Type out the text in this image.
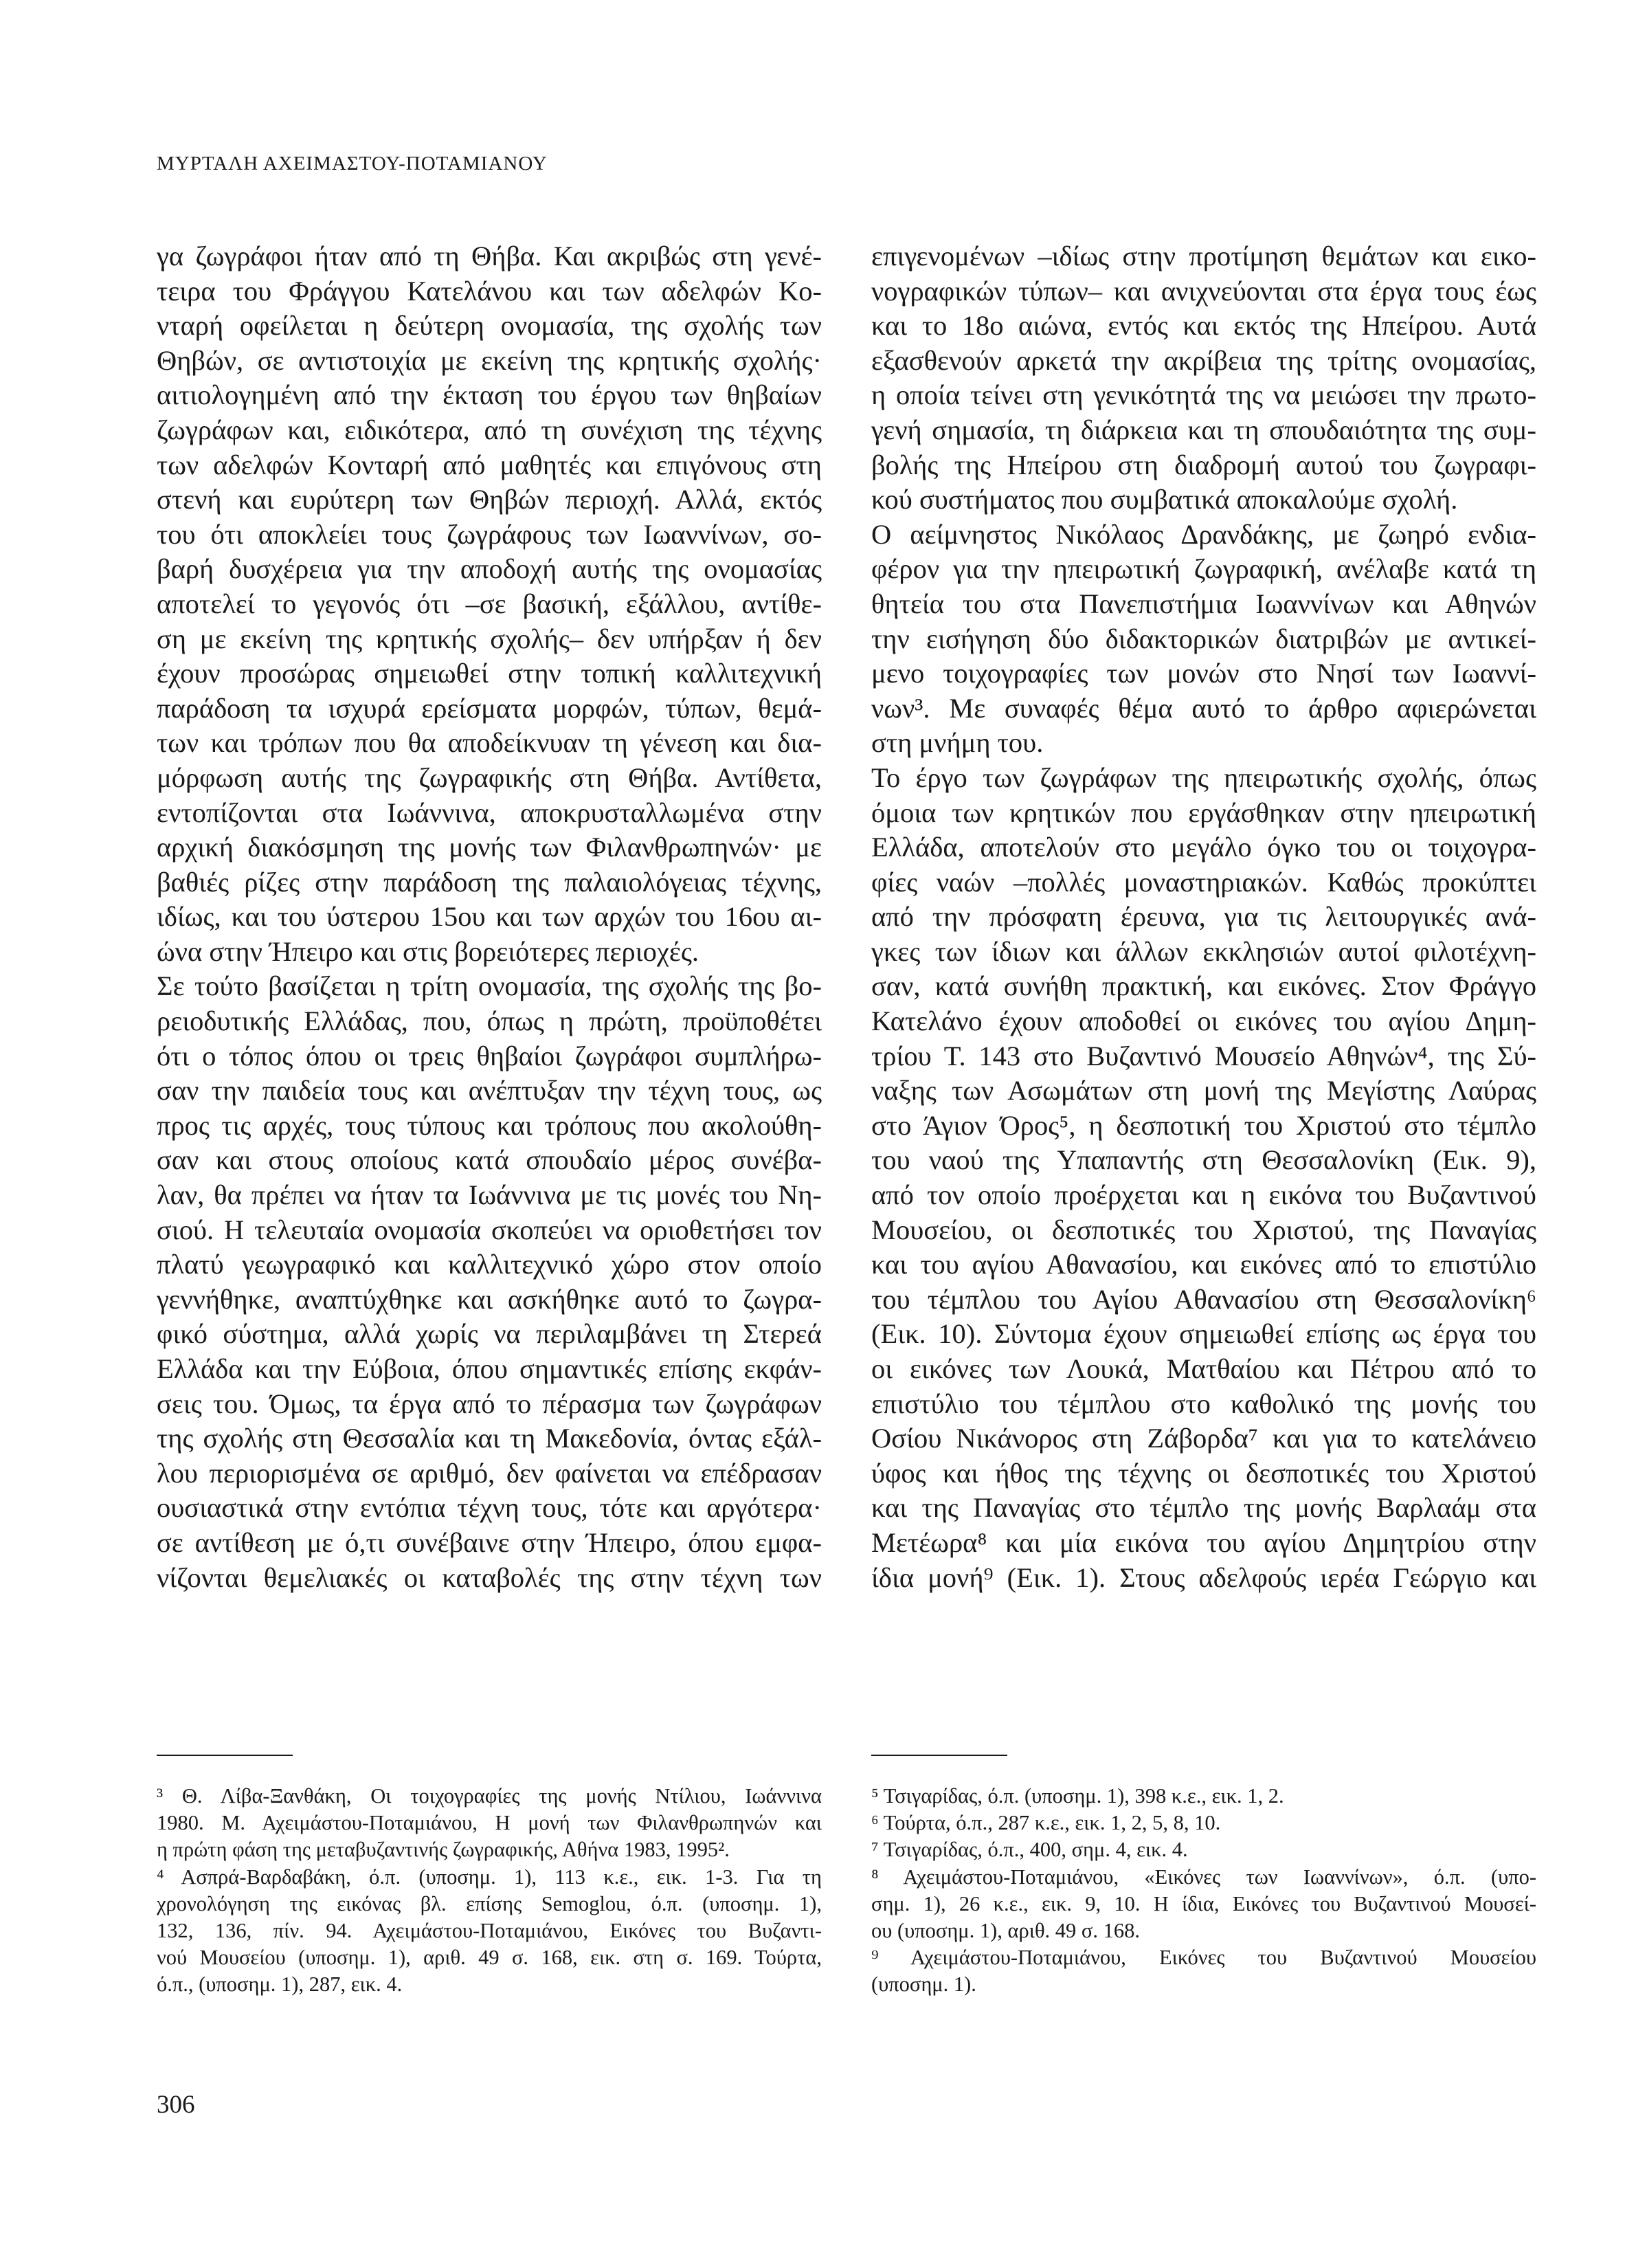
ΜΥΡΤΑΛΗ ΑΧΕΙΜΑΣΤΟΥ-ΠΟΤΑΜΙΑΝΟΥ
γα ζωγράφοι ήταν από τη Θήβα. Και ακριβώς στη γενέ-
τειρα του Φράγγου Κατελάνου και των αδελφών Κο-
νταρή οφείλεται η δεύτερη ονομασία, της σχολής των
Θηβών, σε αντιστοιχία με εκείνη της κρητικής σχολής·
αιτιολογημένη από την έκταση του έργου των θηβαίων
ζωγράφων και, ειδικότερα, από τη συνέχιση της τέχνης
των αδελφών Κονταρή από μαθητές και επιγόνους στη
στενή και ευρύτερη των Θηβών περιοχή. Αλλά, εκτός
του ότι αποκλείει τους ζωγράφους των Ιωαννίνων, σο-
βαρή δυσχέρεια για την αποδοχή αυτής της ονομασίας
αποτελεί το γεγονός ότι –σε βασική, εξάλλου, αντίθε-
ση με εκείνη της κρητικής σχολής– δεν υπήρξαν ή δεν
έχουν προσώρας σημειωθεί στην τοπική καλλιτεχνική
παράδοση τα ισχυρά ερείσματα μορφών, τύπων, θεμά-
των και τρόπων που θα αποδείκνυαν τη γένεση και δια-
μόρφωση αυτής της ζωγραφικής στη Θήβα. Αντίθετα,
εντοπίζονται στα Ιωάννινα, αποκρυσταλλωμένα στην
αρχική διακόσμηση της μονής των Φιλανθρωπηνών· με
βαθιές ρίζες στην παράδοση της παλαιολόγειας τέχνης,
ιδίως, και του ύστερου 15ου και των αρχών του 16ου αι-
ώνα στην Ήπειρο και στις βορειότερες περιοχές.
Σε τούτο βασίζεται η τρίτη ονομασία, της σχολής της βο-
ρειοδυτικής Ελλάδας, που, όπως η πρώτη, προϋποθέτει
ότι ο τόπος όπου οι τρεις θηβαίοι ζωγράφοι συμπλήρω-
σαν την παιδεία τους και ανέπτυξαν την τέχνη τους, ως
προς τις αρχές, τους τύπους και τρόπους που ακολούθη-
σαν και στους οποίους κατά σπουδαίο μέρος συνέβα-
λαν, θα πρέπει να ήταν τα Ιωάννινα με τις μονές του Νη-
σιού. Η τελευταία ονομασία σκοπεύει να οριοθετήσει τον
πλατύ γεωγραφικό και καλλιτεχνικό χώρο στον οποίο
γεννήθηκε, αναπτύχθηκε και ασκήθηκε αυτό το ζωγρα-
φικό σύστημα, αλλά χωρίς να περιλαμβάνει τη Στερεά
Ελλάδα και την Εύβοια, όπου σημαντικές επίσης εκφάν-
σεις του. Όμως, τα έργα από το πέρασμα των ζωγράφων
της σχολής στη Θεσσαλία και τη Μακεδονία, όντας εξάλ-
λου περιορισμένα σε αριθμό, δεν φαίνεται να επέδρασαν
ουσιαστικά στην εντόπια τέχνη τους, τότε και αργότερα·
σε αντίθεση με ό,τι συνέβαινε στην Ήπειρο, όπου εμφα-
νίζονται θεμελιακές οι καταβολές της στην τέχνη των
επιγενομένων –ιδίως στην προτίμηση θεμάτων και εικο-
νογραφικών τύπων– και ανιχνεύονται στα έργα τους έως
και το 18ο αιώνα, εντός και εκτός της Ηπείρου. Αυτά
εξασθενούν αρκετά την ακρίβεια της τρίτης ονομασίας,
η οποία τείνει στη γενικότητά της να μειώσει την πρωτο-
γενή σημασία, τη διάρκεια και τη σπουδαιότητα της συμ-
βολής της Ηπείρου στη διαδρομή αυτού του ζωγραφι-
κού συστήματος που συμβατικά αποκαλούμε σχολή.
Ο αείμνηστος Νικόλαος Δρανδάκης, με ζωηρό ενδια-
φέρον για την ηπειρωτική ζωγραφική, ανέλαβε κατά τη
θητεία του στα Πανεπιστήμια Ιωαννίνων και Αθηνών
την εισήγηση δύο διδακτορικών διατριβών με αντικεί-
μενο τοιχογραφίες των μονών στο Νησί των Ιωαννί-
νων³. Με συναφές θέμα αυτό το άρθρο αφιερώνεται
στη μνήμη του.
Το έργο των ζωγράφων της ηπειρωτικής σχολής, όπως
όμοια των κρητικών που εργάσθηκαν στην ηπειρωτική
Ελλάδα, αποτελούν στο μεγάλο όγκο του οι τοιχογρα-
φίες ναών –πολλές μοναστηριακών. Καθώς προκύπτει
από την πρόσφατη έρευνα, για τις λειτουργικές ανά-
γκες των ίδιων και άλλων εκκλησιών αυτοί φιλοτέχνη-
σαν, κατά συνήθη πρακτική, και εικόνες. Στον Φράγγο
Κατελάνο έχουν αποδοθεί οι εικόνες του αγίου Δημη-
τρίου Τ. 143 στο Βυζαντινό Μουσείο Αθηνών⁴, της Σύ-
ναξης των Ασωμάτων στη μονή της Μεγίστης Λαύρας
στο Άγιον Όρος⁵, η δεσποτική του Χριστού στο τέμπλο
του ναού της Υπαπαντής στη Θεσσαλονίκη (Εικ. 9),
από τον οποίο προέρχεται και η εικόνα του Βυζαντινού
Μουσείου, οι δεσποτικές του Χριστού, της Παναγίας
και του αγίου Αθανασίου, και εικόνες από το επιστύλιο
του τέμπλου του Αγίου Αθανασίου στη Θεσσαλονίκη⁶
(Εικ. 10). Σύντομα έχουν σημειωθεί επίσης ως έργα του
οι εικόνες των Λουκά, Ματθαίου και Πέτρου από το
επιστύλιο του τέμπλου στο καθολικό της μονής του
Οσίου Νικάνορος στη Ζάβορδα⁷ και για το κατελάνειο
ύφος και ήθος της τέχνης οι δεσποτικές του Χριστού
και της Παναγίας στο τέμπλο της μονής Βαρλαάμ στα
Μετέωρα⁸ και μία εικόνα του αγίου Δημητρίου στην
ίδια μονή⁹ (Εικ. 1). Στους αδελφούς ιερέα Γεώργιο και
³ Θ. Λίβα-Ξανθάκη, Οι τοιχογραφίες της μονής Ντίλιου, Ιωάννινα
1980. Μ. Αχειμάστου-Ποταμιάνου, Η μονή των Φιλανθρωπηνών και
η πρώτη φάση της μεταβυζαντινής ζωγραφικής, Αθήνα 1983, 1995².
⁴ Ασπρά-Βαρδαβάκη, ό.π. (υποσημ. 1), 113 κ.ε., εικ. 1-3. Για τη
χρονολόγηση της εικόνας βλ. επίσης Semoglou, ό.π. (υποσημ. 1),
132, 136, πίν. 94. Αχειμάστου-Ποταμιάνου, Εικόνες του Βυζαντι-
νού Μουσείου (υποσημ. 1), αριθ. 49 σ. 168, εικ. στη σ. 169. Τούρτα,
ό.π., (υποσημ. 1), 287, εικ. 4.
⁵ Τσιγαρίδας, ό.π. (υποσημ. 1), 398 κ.ε., εικ. 1, 2.
⁶ Τούρτα, ό.π., 287 κ.ε., εικ. 1, 2, 5, 8, 10.
⁷ Τσιγαρίδας, ό.π., 400, σημ. 4, εικ. 4.
⁸ Αχειμάστου-Ποταμιάνου, «Εικόνες των Ιωαννίνων», ό.π. (υπο-
σημ. 1), 26 κ.ε., εικ. 9, 10. Η ίδια, Εικόνες του Βυζαντινού Μουσεί-
ου (υποσημ. 1), αριθ. 49 σ. 168.
⁹ Αχειμάστου-Ποταμιάνου, Εικόνες του Βυζαντινού Μουσείου
(υποσημ. 1).
306
